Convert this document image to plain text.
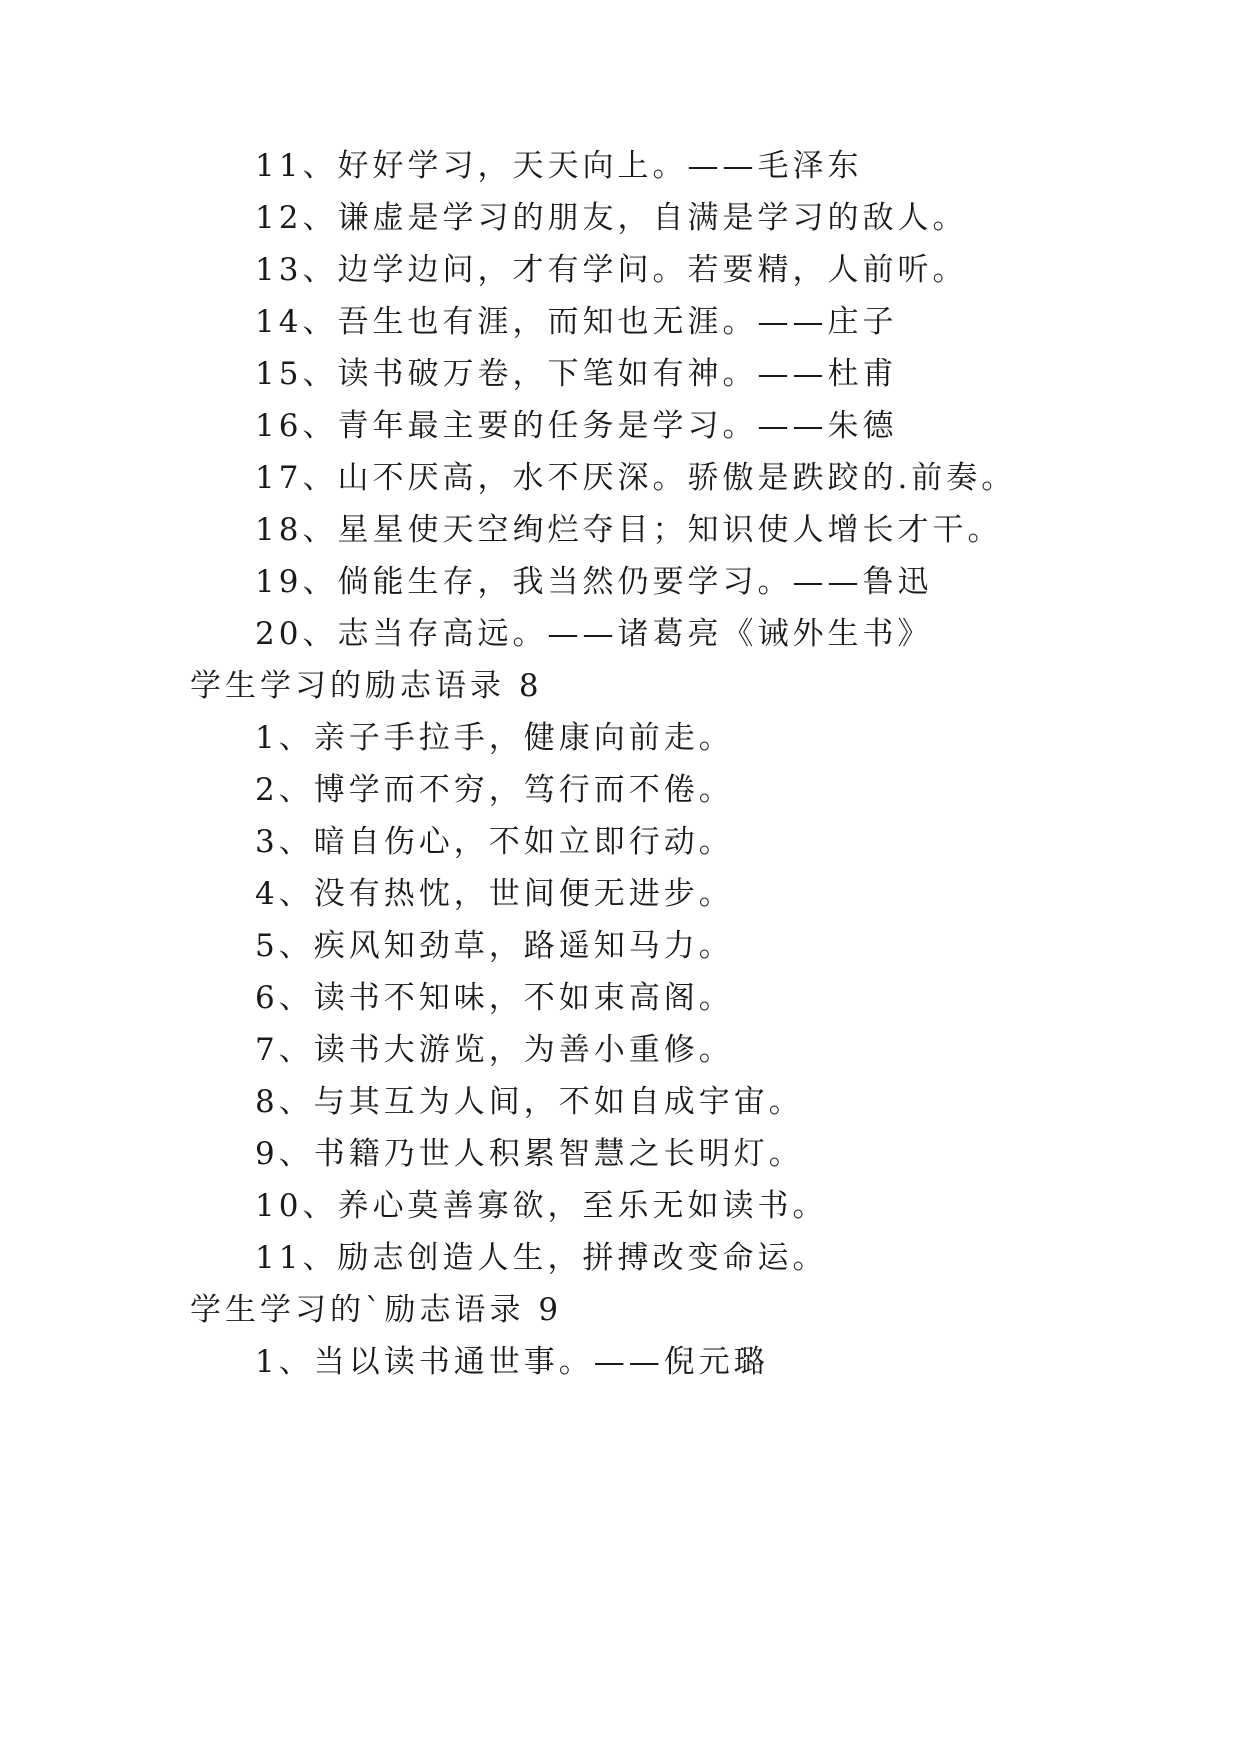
11、好好学习，天天向上。——毛泽东
12、谦虚是学习的朋友，自满是学习的敌人。
13、边学边问，才有学问。若要精，人前听。
14、吾生也有涯，而知也无涯。——庄子
15、读书破万卷，下笔如有神。——杜甫
16、青年最主要的任务是学习。——朱德
17、山不厌高，水不厌深。骄傲是跌跤的.前奏。
18、星星使天空绚烂夺目；知识使人增长才干。
19、倘能生存，我当然仍要学习。——鲁迅
20、志当存高远。——诸葛亮《诫外生书》
学生学习的励志语录 8
1、亲子手拉手，健康向前走。
2、博学而不穷，笃行而不倦。
3、暗自伤心，不如立即行动。
4、没有热忱，世间便无进步。
5、疾风知劲草，路遥知马力。
6、读书不知味，不如束高阁。
7、读书大游览，为善小重修。
8、与其互为人间，不如自成宇宙。
9、书籍乃世人积累智慧之长明灯。
10、养心莫善寡欲，至乐无如读书。
11、励志创造人生，拼搏改变命运。
学生学习的`励志语录 9
1、当以读书通世事。——倪元璐
